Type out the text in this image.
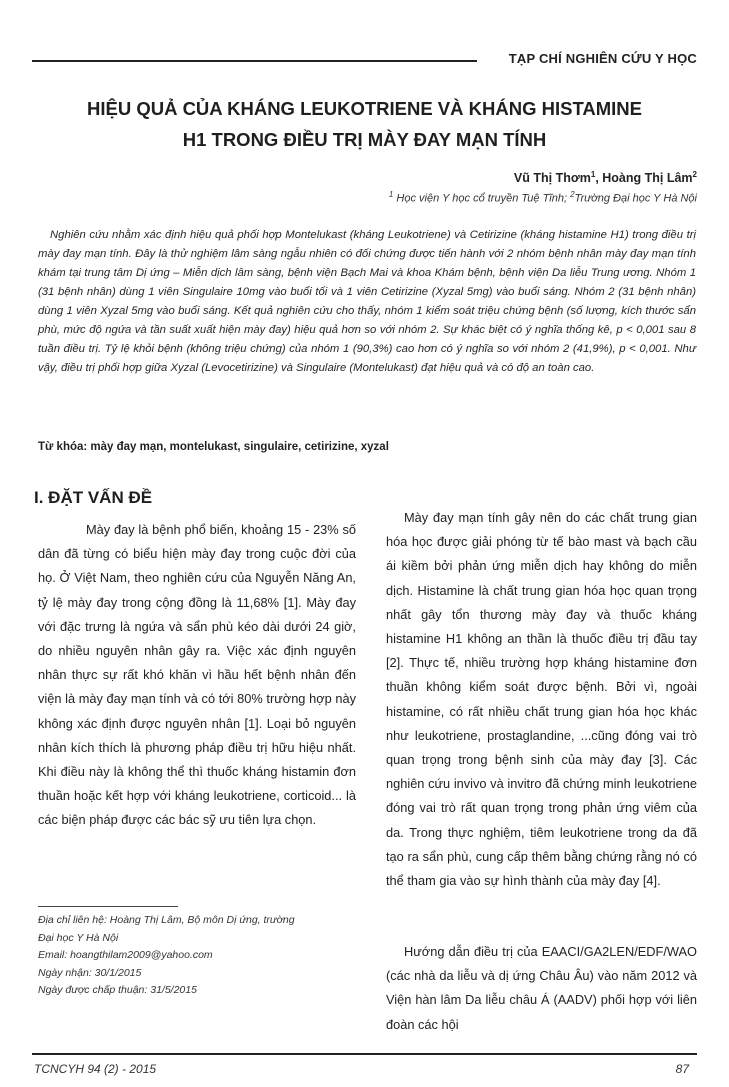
TẠP CHÍ NGHIÊN CỨU Y HỌC
HIỆU QUẢ CỦA KHÁNG LEUKOTRIENE VÀ KHÁNG HISTAMINE
H1 TRONG ĐIỀU TRỊ MÀY ĐAY MẠN TÍNH
Vũ Thị Thơm$^1$, Hoàng Thị Lâm$^2$
$^1$ Học viện Y học cổ truyền Tuệ Tĩnh; $^2$Trường Đại học Y Hà Nội

Nghiên cứu nhằm xác định hiệu quả phối hợp Montelukast (kháng Leukotriene) và Cetirizine (kháng histamine H1) trong điều trị mày đay mạn tính. Đây là thử nghiệm lâm sàng ngẫu nhiên có đối chứng được tiến hành với 2 nhóm bệnh nhân mày đay mạn tính khám tại trung tâm Dị ứng – Miễn dịch lâm sàng, bệnh viện Bạch Mai và khoa Khám bệnh, bệnh viện Da liễu Trung ương. Nhóm 1 (31 bệnh nhân) dùng 1 viên Singulaire 10mg vào buổi tối và 1 viên Cetirizine (Xyzal 5mg) vào buổi sáng. Nhóm 2 (31 bệnh nhân) dùng 1 viên Xyzal 5mg vào buổi sáng. Kết quả nghiên cứu cho thấy, nhóm 1 kiểm soát triệu chứng bệnh (số lượng, kích thước sẩn phù, mức độ ngứa và tần suất xuất hiện mày đay) hiệu quả hơn so với nhóm 2. Sự khác biệt có ý nghĩa thống kê, p < 0,001 sau 8 tuần điều trị. Tỷ lệ khỏi bệnh (không triệu chứng) của nhóm 1 (90,3%) cao hơn có ý nghĩa so với nhóm 2 (41,9%), p < 0,001. Như vậy, điều trị phối hợp giữa Xyzal (Levocetirizine) và Singulaire (Montelukast) đạt hiệu quả và có độ an toàn cao.

Từ khóa: mày đay mạn, montelukast, singulaire, cetirizine, xyzal

I. ĐẶT VẤN ĐỀ

Mày đay là bệnh phổ biến, khoảng 15 - 23% số dân đã từng có biểu hiện mày đay trong cuộc đời của họ. Ở Việt Nam, theo nghiên cứu của Nguyễn Năng An, tỷ lệ mày đay trong cộng đồng là 11,68% [1]. Mày đay với đặc trưng là ngứa và sẩn phù kéo dài dưới 24 giờ, do nhiều nguyên nhân gây ra. Việc xác định nguyên nhân thực sự rất khó khăn vì hầu hết bệnh nhân đến viện là mày đay mạn tính và có tới 80% trường hợp này không xác định được nguyên nhân [1]. Loại bỏ nguyên nhân kích thích là phương pháp điều trị hữu hiệu nhất. Khi điều này là không thể thì thuốc kháng histamin đơn thuần hoặc kết hợp với kháng leukotriene, corticoid... là các biện pháp được các bác sỹ ưu tiên lựa chọn.

Địa chỉ liên hệ: Hoàng Thị Lâm, Bộ môn Dị ứng, trường
Đại học Y Hà Nội
Email: hoangthilam2009@yahoo.com
Ngày nhận: 30/1/2015
Ngày được chấp thuận: 31/5/2015

Mày đay mạn tính gây nên do các chất trung gian hóa học được giải phóng từ tế bào mast và bạch cầu ái kiềm bởi phản ứng miễn dịch hay không do miễn dịch. Histamine là chất trung gian hóa học quan trọng nhất gây tổn thương mày đay và thuốc kháng histamine H1 không an thần là thuốc điều trị đầu tay [2]. Thực tế, nhiều trường hợp kháng histamine đơn thuần không kiểm soát được bệnh. Bởi vì, ngoài histamine, có rất nhiều chất trung gian hóa học khác như leukotriene, prostaglandine, ...cũng đóng vai trò quan trọng trong bệnh sinh của mày đay [3]. Các nghiên cứu invivo và invitro đã chứng minh leukotriene đóng vai trò rất quan trọng trong phản ứng viêm của da. Trong thực nghiệm, tiêm leukotriene trong da đã tạo ra sẩn phù, cung cấp thêm bằng chứng rằng nó có thể tham gia vào sự hình thành của mày đay [4].

Hướng dẫn điều trị của EAACI/GA2LEN/EDF/WAO (các nhà da liễu và dị ứng Châu Âu) vào năm 2012 và Viện hàn lâm Da liễu châu Á (AADV) phối hợp với liên đoàn các hội

TCNCYH 94 (2) - 2015	87
